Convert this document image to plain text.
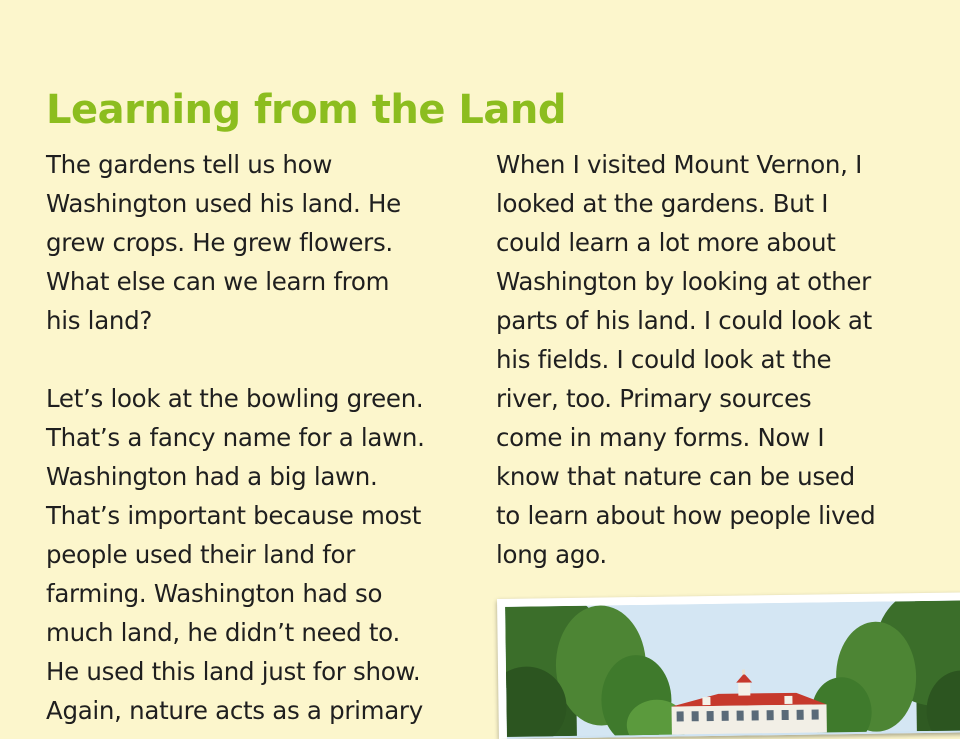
Learning from the Land
The gardens tell us how
Washington used his land. He
grew crops. He grew flowers.
What else can we learn from
his land?
Let’s look at the bowling green.
That’s a fancy name for a lawn.
Washington had a big lawn.
That’s important because most
people used their land for
farming. Washington had so
much land, he didn’t need to.
He used this land just for show.
Again, nature acts as a primary
When I visited Mount Vernon, I
looked at the gardens. But I
could learn a lot more about
Washington by looking at other
parts of his land. I could look at
his fields. I could look at the
river, too. Primary sources
come in many forms. Now I
know that nature can be used
to learn about how people lived
long ago.
